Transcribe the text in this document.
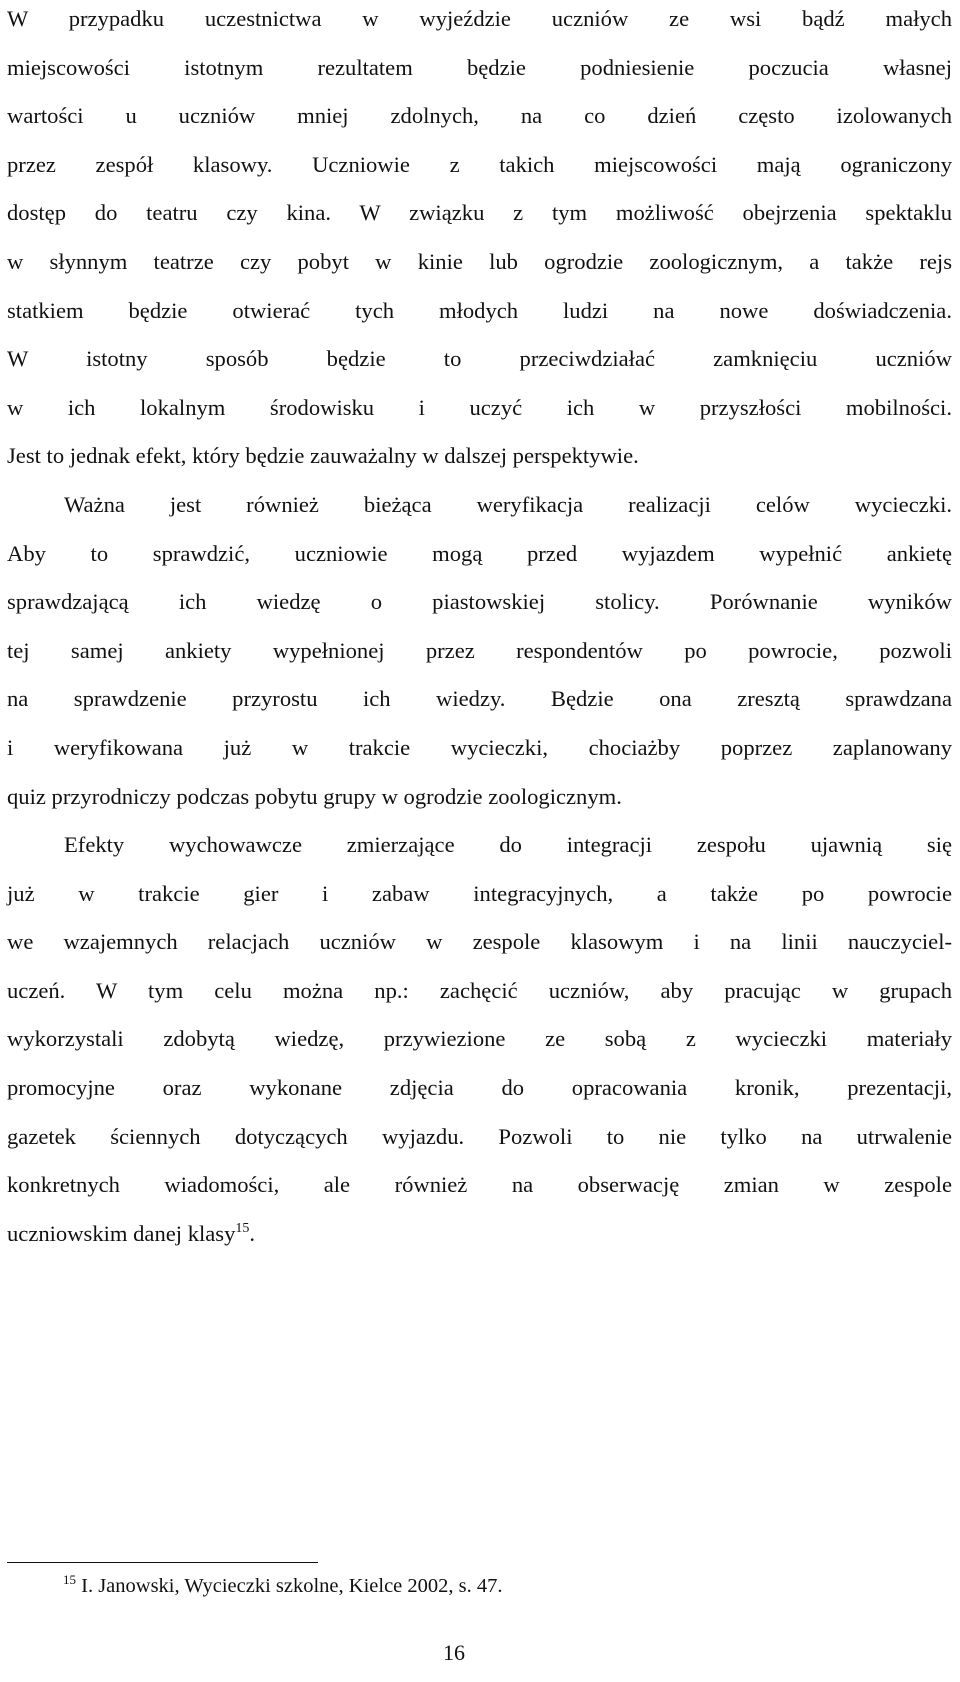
W przypadku uczestnictwa w wyjeździe uczniów ze wsi bądź małych
miejscowości istotnym rezultatem będzie podniesienie poczucia własnej
wartości u uczniów mniej zdolnych, na co dzień często izolowanych
przez zespół klasowy. Uczniowie z takich miejscowości mają ograniczony
dostęp do teatru czy kina. W związku z tym możliwość obejrzenia spektaklu
w słynnym teatrze czy pobyt w kinie lub ogrodzie zoologicznym, a także rejs
statkiem będzie otwierać tych młodych ludzi na nowe doświadczenia.
W istotny sposób będzie to przeciwdziałać zamknięciu uczniów
w ich lokalnym środowisku i uczyć ich w przyszłości mobilności.
Jest to jednak efekt, który będzie zauważalny w dalszej perspektywie.
Ważna jest również bieżąca weryfikacja realizacji celów wycieczki.
Aby to sprawdzić, uczniowie mogą przed wyjazdem wypełnić ankietę
sprawdzającą ich wiedzę o piastowskiej stolicy. Porównanie wyników
tej samej ankiety wypełnionej przez respondentów po powrocie, pozwoli
na sprawdzenie przyrostu ich wiedzy. Będzie ona zresztą sprawdzana
i weryfikowana już w trakcie wycieczki, chociażby poprzez zaplanowany
quiz przyrodniczy podczas pobytu grupy w ogrodzie zoologicznym.
Efekty wychowawcze zmierzające do integracji zespołu ujawnią się
już w trakcie gier i zabaw integracyjnych, a także po powrocie
we wzajemnych relacjach uczniów w zespole klasowym i na linii nauczyciel-
uczeń. W tym celu można np.: zachęcić uczniów, aby pracując w grupach
wykorzystali zdobytą wiedzę, przywiezione ze sobą z wycieczki materiały
promocyjne oraz wykonane zdjęcia do opracowania kronik, prezentacji,
gazetek ściennych dotyczących wyjazdu. Pozwoli to nie tylko na utrwalenie
konkretnych wiadomości, ale również na obserwację zmian w zespole
uczniowskim danej klasy$^{15}$.
$^{15}$ I. Janowski, Wycieczki szkolne, Kielce 2002, s. 47.
16
